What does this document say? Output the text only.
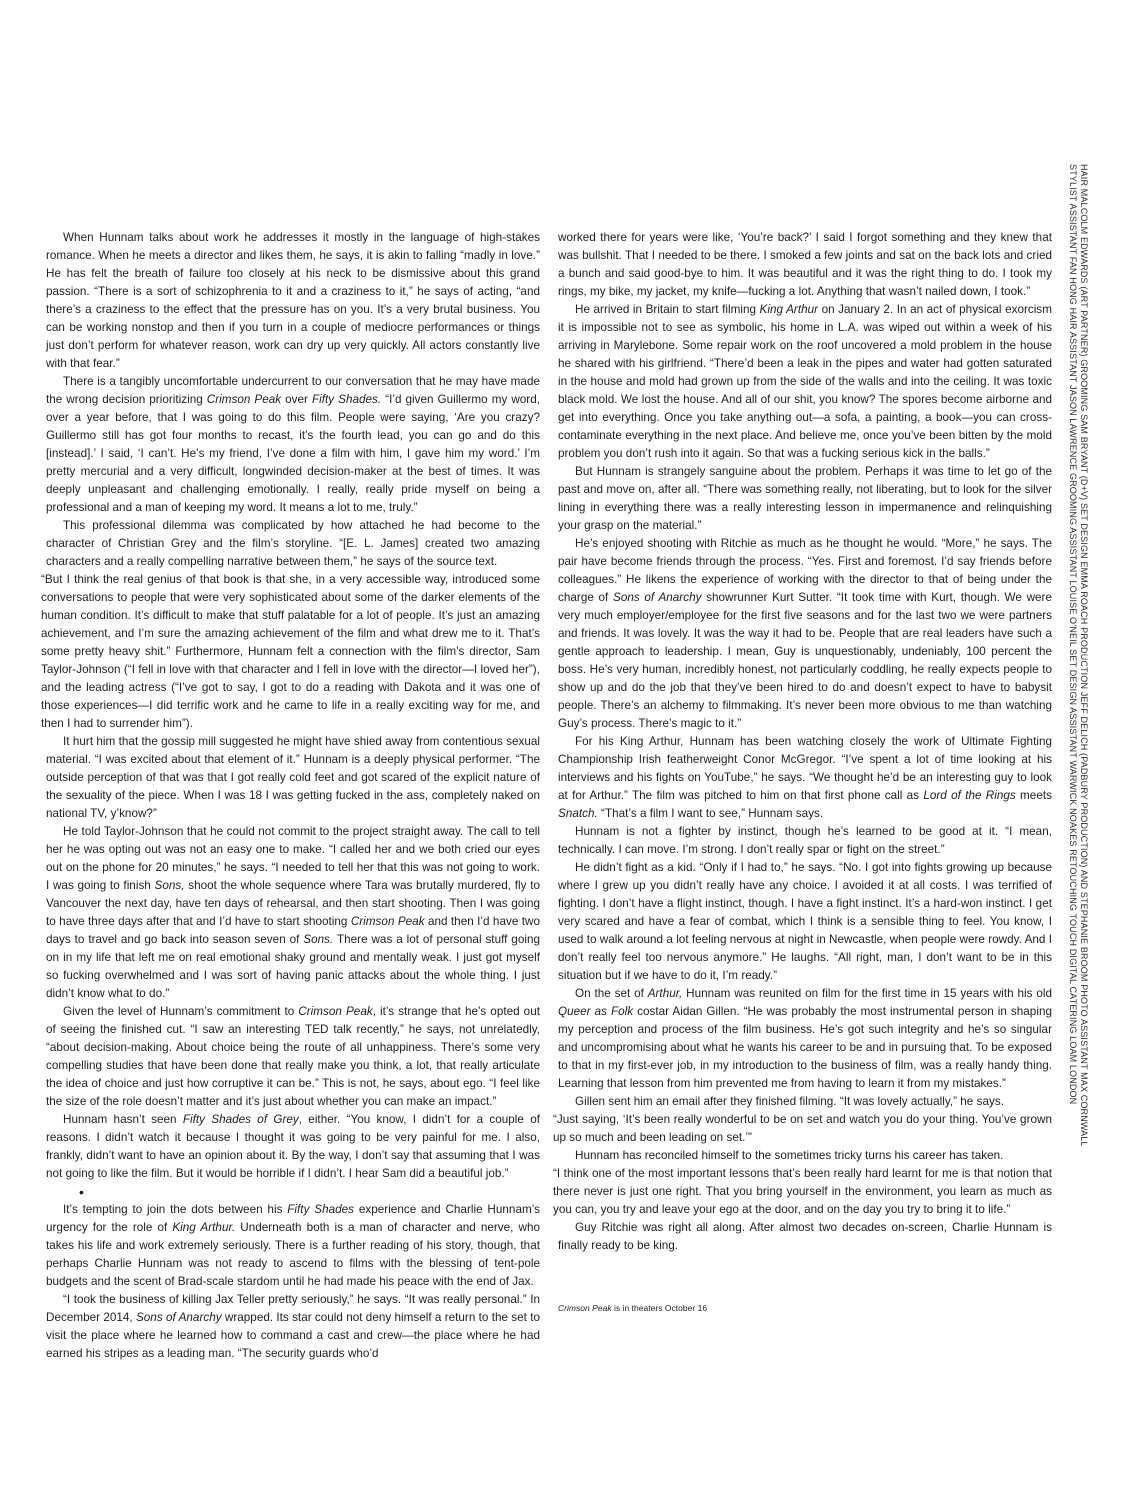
When Hunnam talks about work he addresses it mostly in the language of high-stakes romance. When he meets a director and likes them, he says, it is akin to falling “madly in love.” He has felt the breath of failure too closely at his neck to be dismissive about this grand passion. “There is a sort of schizophrenia to it and a craziness to it,” he says of acting, “and there’s a craziness to the effect that the pressure has on you. It’s a very brutal business. You can be working nonstop and then if you turn in a couple of mediocre performances or things just don’t perform for whatever reason, work can dry up very quickly. All actors constantly live with that fear.”

There is a tangibly uncomfortable undercurrent to our conversation that he may have made the wrong decision prioritizing Crimson Peak over Fifty Shades. “I’d given Guillermo my word, over a year before, that I was going to do this film. People were saying, ‘Are you crazy? Guillermo still has got four months to recast, it’s the fourth lead, you can go and do this [instead].’ I said, ‘I can’t. He’s my friend, I’ve done a film with him, I gave him my word.’ I’m pretty mercurial and a very difficult, longwinded decision-maker at the best of times. It was deeply unpleasant and challenging emotionally. I really, really pride myself on being a professional and a man of keeping my word. It means a lot to me, truly.”

This professional dilemma was complicated by how attached he had become to the character of Christian Grey and the film’s storyline. “[E. L. James] created two amazing characters and a really compelling narrative between them,” he says of the source text.

“But I think the real genius of that book is that she, in a very accessible way, introduced some conversations to people that were very sophisticated about some of the darker elements of the human condition. It’s difficult to make that stuff palatable for a lot of people. It’s just an amazing achievement, and I’m sure the amazing achievement of the film and what drew me to it. That’s some pretty heavy shit.” Furthermore, Hunnam felt a connection with the film’s director, Sam Taylor-Johnson (“I fell in love with that character and I fell in love with the director—I loved her”), and the leading actress (“I’ve got to say, I got to do a reading with Dakota and it was one of those experiences—I did terrific work and he came to life in a really exciting way for me, and then I had to surrender him”).

It hurt him that the gossip mill suggested he might have shied away from contentious sexual material. “I was excited about that element of it.” Hunnam is a deeply physical performer. “The outside perception of that was that I got really cold feet and got scared of the explicit nature of the sexuality of the piece. When I was 18 I was getting fucked in the ass, completely naked on national TV, y’know?”

He told Taylor-Johnson that he could not commit to the project straight away. The call to tell her he was opting out was not an easy one to make. “I called her and we both cried our eyes out on the phone for 20 minutes,” he says. “I needed to tell her that this was not going to work. I was going to finish Sons, shoot the whole sequence where Tara was brutally murdered, fly to Vancouver the next day, have ten days of rehearsal, and then start shooting. Then I was going to have three days after that and I’d have to start shooting Crimson Peak and then I’d have two days to travel and go back into season seven of Sons. There was a lot of personal stuff going on in my life that left me on real emotional shaky ground and mentally weak. I just got myself so fucking overwhelmed and I was sort of having panic attacks about the whole thing. I just didn’t know what to do.”

Given the level of Hunnam’s commitment to Crimson Peak, it’s strange that he’s opted out of seeing the finished cut. “I saw an interesting TED talk recently,” he says, not unrelatedly, “about decision-making. About choice being the route of all unhappiness. There’s some very compelling studies that have been done that really make you think, a lot, that really articulate the idea of choice and just how corruptive it can be.” This is not, he says, about ego. “I feel like the size of the role doesn’t matter and it’s just about whether you can make an impact.”

Hunnam hasn’t seen Fifty Shades of Grey, either. “You know, I didn’t for a couple of reasons. I didn’t watch it because I thought it was going to be very painful for me. I also, frankly, didn’t want to have an opinion about it. By the way, I don’t say that assuming that I was not going to like the film. But it would be horrible if I didn’t. I hear Sam did a beautiful job.”

•

It’s tempting to join the dots between his Fifty Shades experience and Charlie Hunnam’s urgency for the role of King Arthur. Underneath both is a man of character and nerve, who takes his life and work extremely seriously. There is a further reading of his story, though, that perhaps Charlie Hunnam was not ready to ascend to films with the blessing of tent-pole budgets and the scent of Brad-scale stardom until he had made his peace with the end of Jax.

“I took the business of killing Jax Teller pretty seriously,” he says. “It was really personal.” In December 2014, Sons of Anarchy wrapped. Its star could not deny himself a return to the set to visit the place where he learned how to command a cast and crew—the place where he had earned his stripes as a leading man. “The security guards who’d

worked there for years were like, ‘You’re back?’ I said I forgot something and they knew that was bullshit. That I needed to be there. I smoked a few joints and sat on the back lots and cried a bunch and said good-bye to him. It was beautiful and it was the right thing to do. I took my rings, my bike, my jacket, my knife—fucking a lot. Anything that wasn’t nailed down, I took.”

He arrived in Britain to start filming King Arthur on January 2. In an act of physical exorcism it is impossible not to see as symbolic, his home in L.A. was wiped out within a week of his arriving in Marylebone. Some repair work on the roof uncovered a mold problem in the house he shared with his girlfriend. “There’d been a leak in the pipes and water had gotten saturated in the house and mold had grown up from the side of the walls and into the ceiling. It was toxic black mold. We lost the house. And all of our shit, you know? The spores become airborne and get into everything. Once you take anything out—a sofa, a painting, a book—you can cross-contaminate everything in the next place. And believe me, once you’ve been bitten by the mold problem you don’t rush into it again. So that was a fucking serious kick in the balls.”

But Hunnam is strangely sanguine about the problem. Perhaps it was time to let go of the past and move on, after all. “There was something really, not liberating, but to look for the silver lining in everything there was a really interesting lesson in impermanence and relinquishing your grasp on the material.”

He’s enjoyed shooting with Ritchie as much as he thought he would. “More,” he says. The pair have become friends through the process. “Yes. First and foremost. I’d say friends before colleagues.” He likens the experience of working with the director to that of being under the charge of Sons of Anarchy showrunner Kurt Sutter. “It took time with Kurt, though. We were very much employer/employee for the first five seasons and for the last two we were partners and friends. It was lovely. It was the way it had to be. People that are real leaders have such a gentle approach to leadership. I mean, Guy is unquestionably, undeniably, 100 percent the boss. He’s very human, incredibly honest, not particularly coddling, he really expects people to show up and do the job that they’ve been hired to do and doesn’t expect to have to babysit people. There’s an alchemy to filmmaking. It’s never been more obvious to me than watching Guy’s process. There’s magic to it.”

For his King Arthur, Hunnam has been watching closely the work of Ultimate Fighting Championship Irish featherweight Conor McGregor. “I’ve spent a lot of time looking at his interviews and his fights on YouTube,” he says. “We thought he’d be an interesting guy to look at for Arthur.” The film was pitched to him on that first phone call as Lord of the Rings meets Snatch. “That’s a film I want to see,” Hunnam says.

Hunnam is not a fighter by instinct, though he’s learned to be good at it. “I mean, technically. I can move. I’m strong. I don’t really spar or fight on the street.”

He didn’t fight as a kid. “Only if I had to,” he says. “No. I got into fights growing up because where I grew up you didn’t really have any choice. I avoided it at all costs. I was terrified of fighting. I don’t have a flight instinct, though. I have a fight instinct. It’s a hard-won instinct. I get very scared and have a fear of combat, which I think is a sensible thing to feel. You know, I used to walk around a lot feeling nervous at night in Newcastle, when people were rowdy. And I don’t really feel too nervous anymore.” He laughs. “All right, man, I don’t want to be in this situation but if we have to do it, I’m ready.”

On the set of Arthur, Hunnam was reunited on film for the first time in 15 years with his old Queer as Folk costar Aidan Gillen. “He was probably the most instrumental person in shaping my perception and process of the film business. He’s got such integrity and he’s so singular and uncompromising about what he wants his career to be and in pursuing that. To be exposed to that in my first-ever job, in my introduction to the business of film, was a really handy thing. Learning that lesson from him prevented me from having to learn it from my mistakes.”

Gillen sent him an email after they finished filming. “It was lovely actually,” he says.

“Just saying, ‘It’s been really wonderful to be on set and watch you do your thing. You’ve grown up so much and been leading on set.’”

Hunnam has reconciled himself to the sometimes tricky turns his career has taken.

“I think one of the most important lessons that’s been really hard learnt for me is that notion that there never is just one right. That you bring yourself in the environment, you learn as much as you can, you try and leave your ego at the door, and on the day you try to bring it to life.”

Guy Ritchie was right all along. After almost two decades on-screen, Charlie Hunnam is finally ready to be king.

Crimson Peak is in theaters October 16
HAIR MALCOLM EDWARDS (ART PARTNER) GROOMING SAM BRYANT (D+V) SET DESIGN EMMA ROACH PRODUCTION JEFF DELICH (PADBURY PRODUCTION) AND STEPHANIE BROOM PHOTO ASSISTANT MAX CORNWALL
STYLIST ASSISTANT FAN HONG HAIR ASSISTANT JASON LAWRENCE GROOMING ASSISTANT LOUISE O’NEIL SET DESIGN ASSISTANT WARWICK NOAKES RETOUCHING TOUCH DIGITAL CATERING LOAM LONDON
